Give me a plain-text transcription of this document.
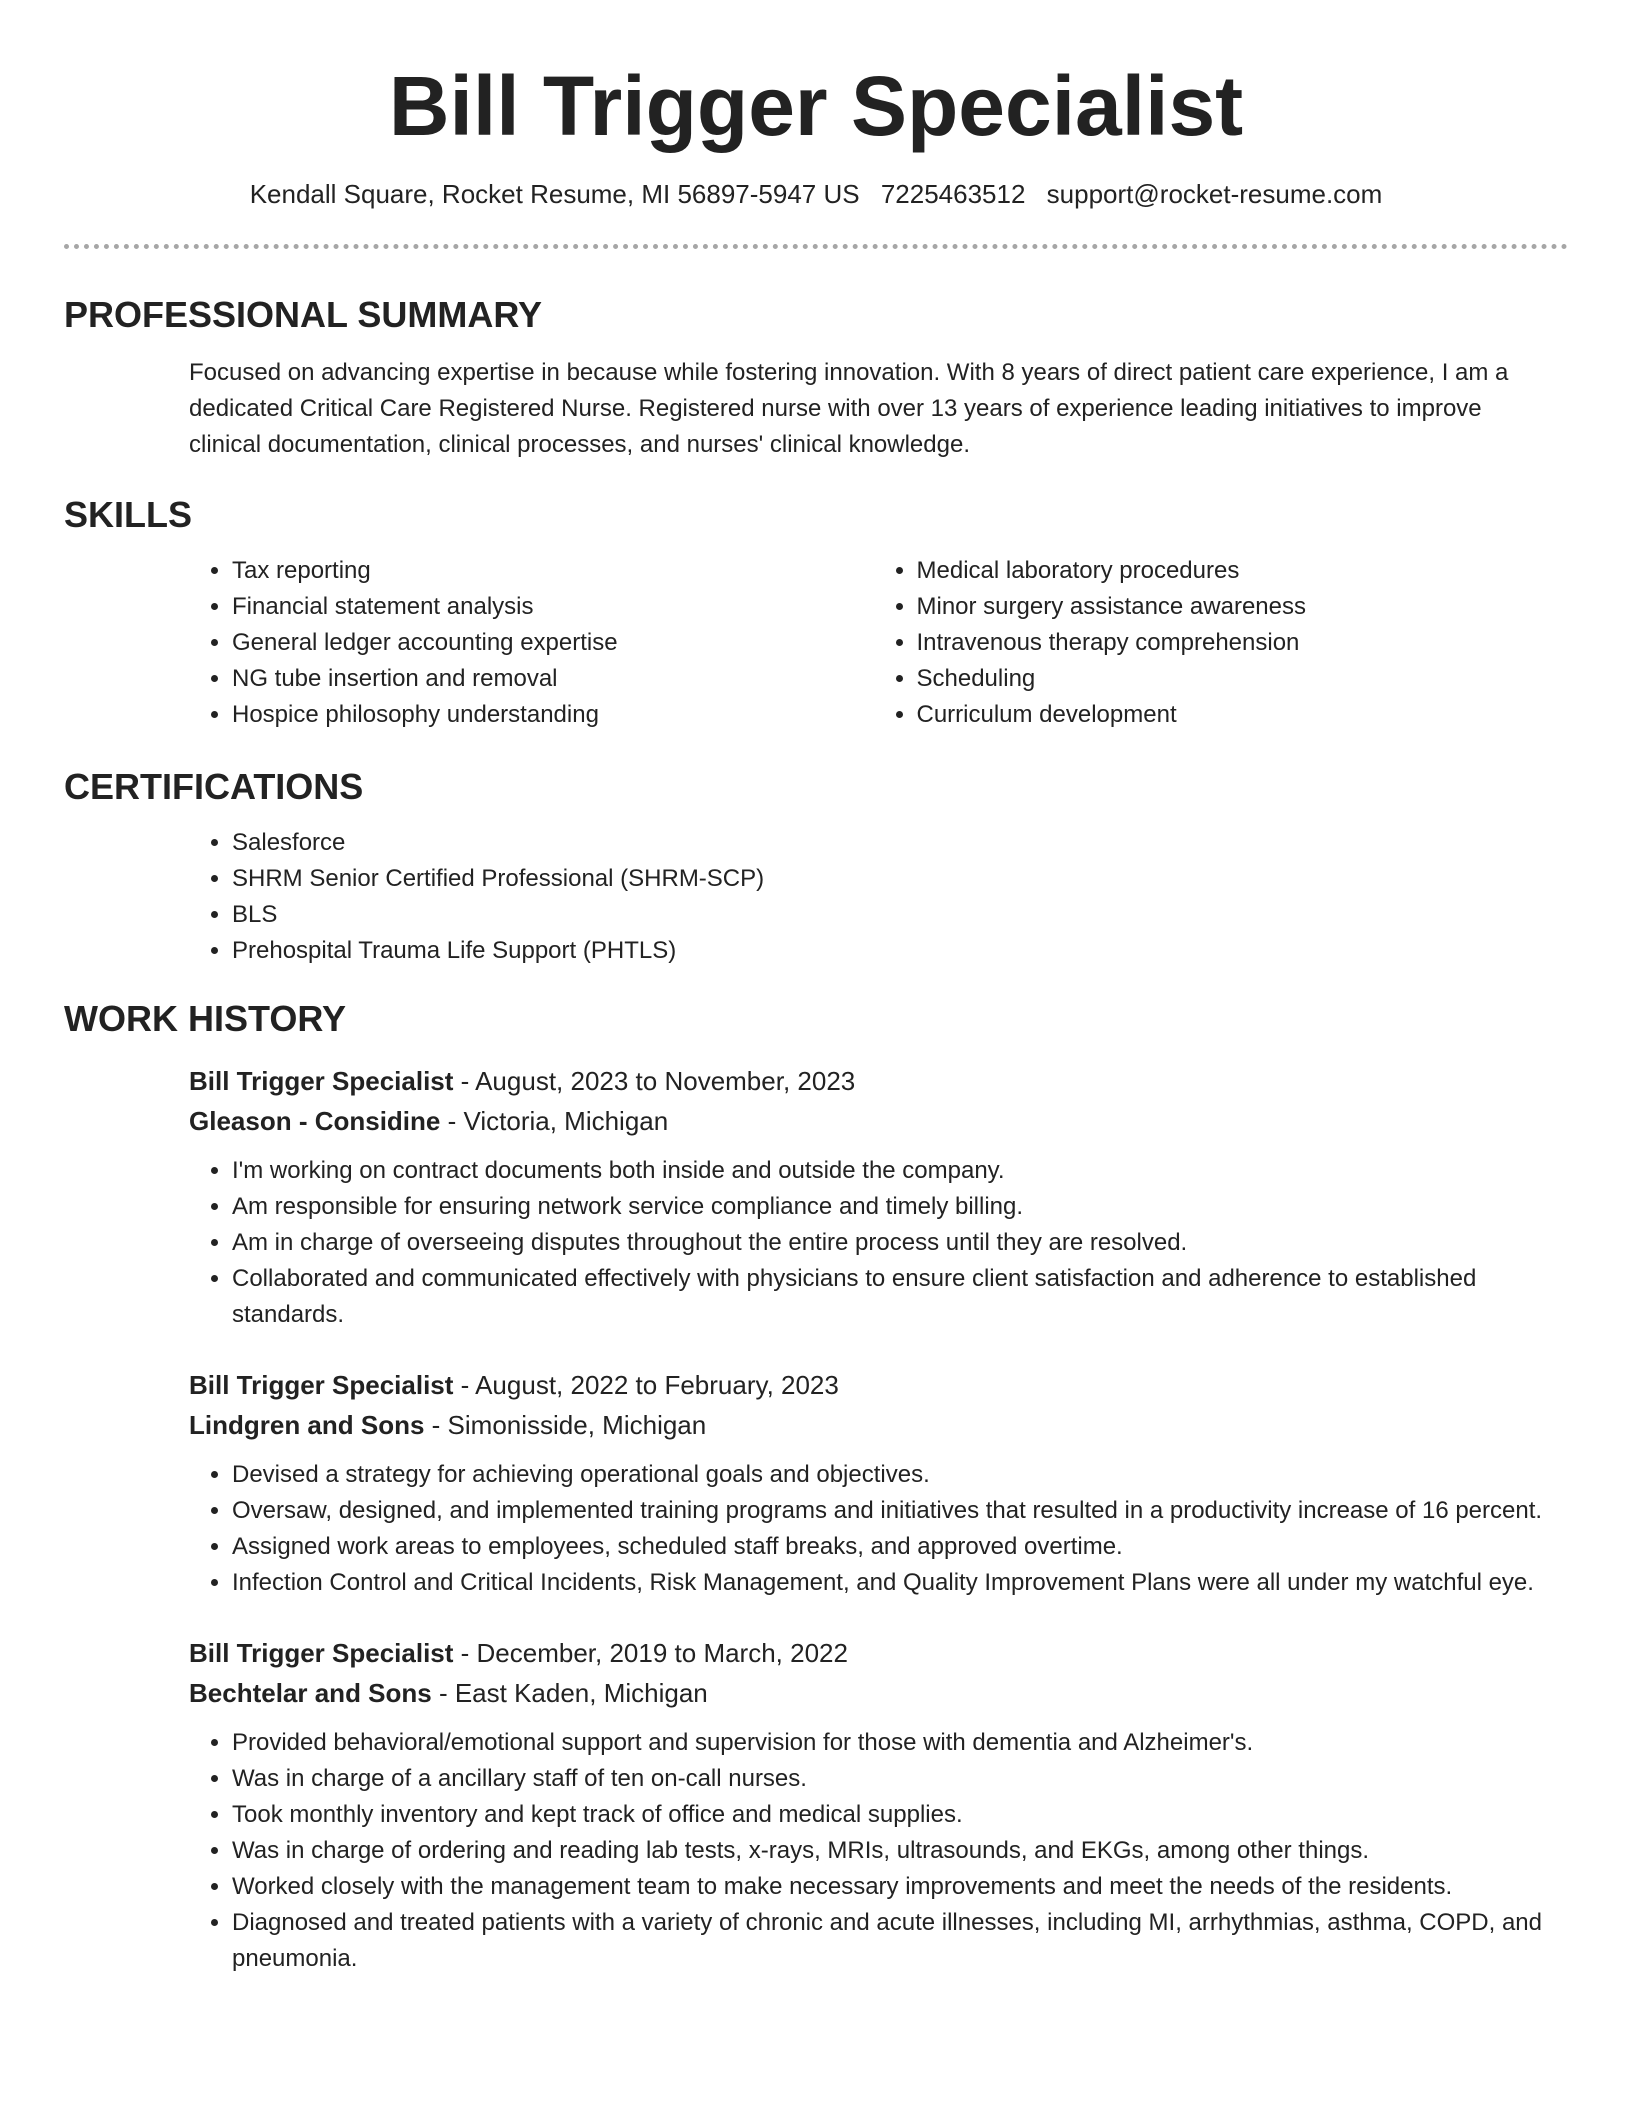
Bill Trigger Specialist
Kendall Square, Rocket Resume, MI 56897-5947 US 7225463512 support@rocket-resume.com
PROFESSIONAL SUMMARY

Focused on advancing expertise in because while fostering innovation. With 8 years of direct patient care experience, I am a dedicated Critical Care Registered Nurse. Registered nurse with over 13 years of experience leading initiatives to improve clinical documentation, clinical processes, and nurses' clinical knowledge.

SKILLS
• Tax reporting
• Financial statement analysis
• General ledger accounting expertise
• NG tube insertion and removal
• Hospice philosophy understanding
• Medical laboratory procedures
• Minor surgery assistance awareness
• Intravenous therapy comprehension
• Scheduling
• Curriculum development
CERTIFICATIONS
• Salesforce
• SHRM Senior Certified Professional (SHRM-SCP)
• BLS
• Prehospital Trauma Life Support (PHTLS)
WORK HISTORY
Bill Trigger Specialist - August, 2023 to November, 2023
Gleason - Considine - Victoria, Michigan
• I'm working on contract documents both inside and outside the company.
• Am responsible for ensuring network service compliance and timely billing.
• Am in charge of overseeing disputes throughout the entire process until they are resolved.
• Collaborated and communicated effectively with physicians to ensure client satisfaction and adherence to established standards.
Bill Trigger Specialist - August, 2022 to February, 2023
Lindgren and Sons - Simonisside, Michigan
• Devised a strategy for achieving operational goals and objectives.
• Oversaw, designed, and implemented training programs and initiatives that resulted in a productivity increase of 16 percent.
• Assigned work areas to employees, scheduled staff breaks, and approved overtime.
• Infection Control and Critical Incidents, Risk Management, and Quality Improvement Plans were all under my watchful eye.
Bill Trigger Specialist - December, 2019 to March, 2022
Bechtelar and Sons - East Kaden, Michigan
• Provided behavioral/emotional support and supervision for those with dementia and Alzheimer's.
• Was in charge of a ancillary staff of ten on-call nurses.
• Took monthly inventory and kept track of office and medical supplies.
• Was in charge of ordering and reading lab tests, x-rays, MRIs, ultrasounds, and EKGs, among other things.
• Worked closely with the management team to make necessary improvements and meet the needs of the residents.
• Diagnosed and treated patients with a variety of chronic and acute illnesses, including MI, arrhythmias, asthma, COPD, and pneumonia.
